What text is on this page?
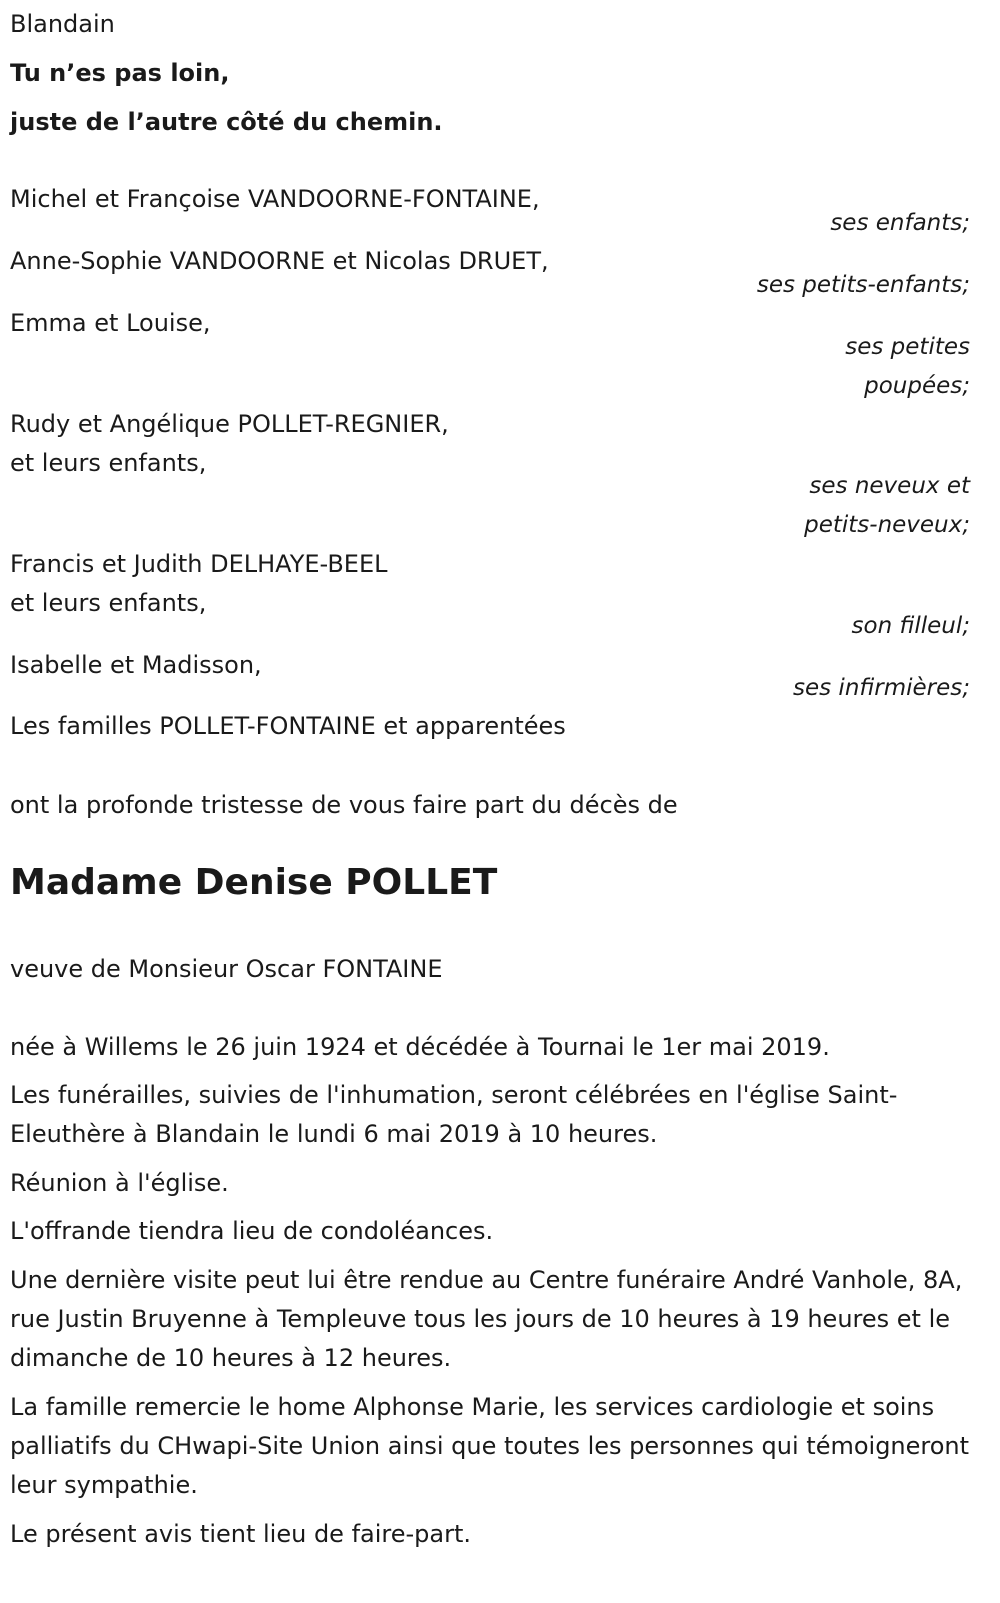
Blandain
Tu n’es pas loin,
juste de l’autre côté du chemin.
Michel et Françoise VANDOORNE-FONTAINE,
ses enfants;
Anne-Sophie VANDOORNE et Nicolas DRUET,
ses petits-enfants;
Emma et Louise,
ses petites
poupées;
Rudy et Angélique POLLET-REGNIER,
et leurs enfants,
ses neveux et
petits-neveux;
Francis et Judith DELHAYE-BEEL
et leurs enfants,
son filleul;
Isabelle et Madisson,
ses infirmières;
Les familles POLLET-FONTAINE et apparentées
ont la profonde tristesse de vous faire part du décès de
Madame Denise POLLET
veuve de Monsieur Oscar FONTAINE
née à Willems le 26 juin 1924 et décédée à Tournai le 1er mai 2019.
Les funérailles, suivies de l'inhumation, seront célébrées en l'église Saint-Eleuthère à Blandain le lundi 6 mai 2019 à 10 heures.
Réunion à l'église.
L'offrande tiendra lieu de condoléances.
Une dernière visite peut lui être rendue au Centre funéraire André Vanhole, 8A, rue Justin Bruyenne à Templeuve tous les jours de 10 heures à 19 heures et le dimanche de 10 heures à 12 heures.
La famille remercie le home Alphonse Marie, les services cardiologie et soins palliatifs du CHwapi-Site Union ainsi que toutes les personnes qui témoigneront leur sympathie.
Le présent avis tient lieu de faire-part.
